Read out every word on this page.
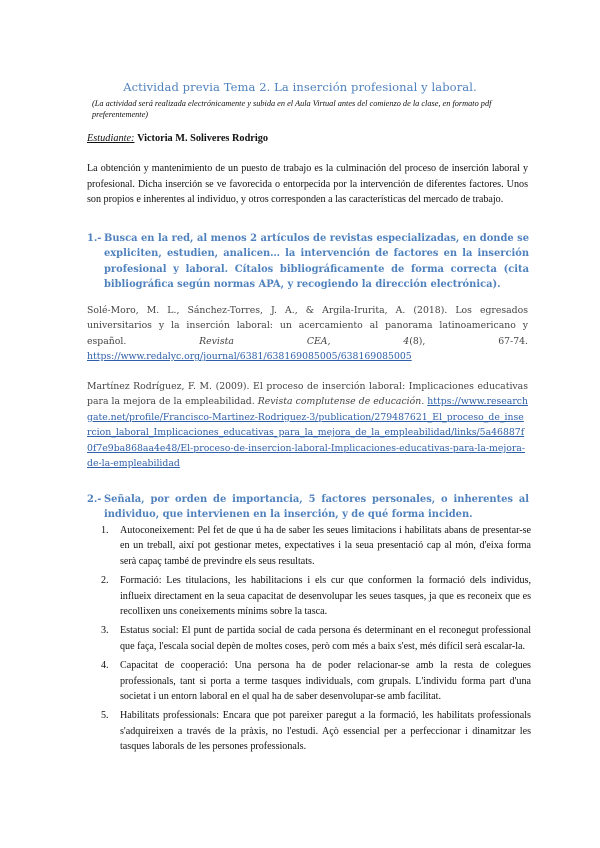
Actividad previa Tema 2. La inserción profesional y laboral.
(La actividad será realizada electrónicamente y subida en el Aula Virtual antes del comienzo de la clase, en formato pdf preferentemente)
Estudiante: Victoria M. Soliveres Rodrigo
La obtención y mantenimiento de un puesto de trabajo es la culminación del proceso de inserción laboral y profesional. Dicha inserción se ve favorecida o entorpecida por la intervención de diferentes factores. Unos son propios e inherentes al individuo, y otros corresponden a las características del mercado de trabajo.
1.- Busca en la red, al menos 2 artículos de revistas especializadas, en donde se expliciten, estudien, analicen… la intervención de factores en la inserción profesional y laboral. Cítalos bibliográficamente de forma correcta (cita bibliográfica según normas APA, y recogiendo la dirección electrónica).
Solé-Moro, M. L., Sánchez-Torres, J. A., & Argila-Irurita, A. (2018). Los egresados universitarios y la inserción laboral: un acercamiento al panorama latinoamericano y español. Revista CEA, 4(8), 67-74. https://www.redalyc.org/journal/6381/638169085005/638169085005
Martínez Rodríguez, F. M. (2009). El proceso de inserción laboral: Implicaciones educativas para la mejora de la empleabilidad. Revista complutense de educación. https://www.researchgate.net/profile/Francisco-Martinez-Rodriguez-3/publication/279487621_El_proceso_de_insercion_laboral_Implicaciones_educativas_para_la_mejora_de_la_empleabilidad/links/5a46887f0f7e9ba868aa4e48/El-proceso-de-insercion-laboral-Implicaciones-educativas-para-la-mejora-de-la-empleabilidad
2.- Señala, por orden de importancia, 5 factores personales, o inherentes al individuo, que intervienen en la inserción, y de qué forma inciden.
1. Autoconeixement: Pel fet de que ú ha de saber les seues limitacions i habilitats abans de presentar-se en un treball, així pot gestionar metes, expectatives i la seua presentació cap al món, d'eixa forma serà capaç també de previndre els seus resultats.
2. Formació: Les titulacions, les habilitacions i els cur que conformen la formació dels individus, influeix directament en la seua capacitat de desenvolupar les seues tasques, ja que es reconeix que es recollixen uns coneixements mínims sobre la tasca.
3. Estatus social: El punt de partida social de cada persona és determinant en el reconegut professional que faça, l'escala social depèn de moltes coses, però com més a baix s'est, més difícil serà escalar-la.
4. Capacitat de cooperació: Una persona ha de poder relacionar-se amb la resta de colegues professionals, tant si porta a terme tasques individuals, com grupals. L'individu forma part d'una societat i un entorn laboral en el qual ha de saber desenvolupar-se amb facilitat.
5. Habilitats professionals: Encara que pot pareixer paregut a la formació, les habilitats professionals s'adquireixen a través de la pràxis, no l'estudi. Açò essencial per a perfeccionar i dinamitzar les tasques laborals de les persones professionals.
